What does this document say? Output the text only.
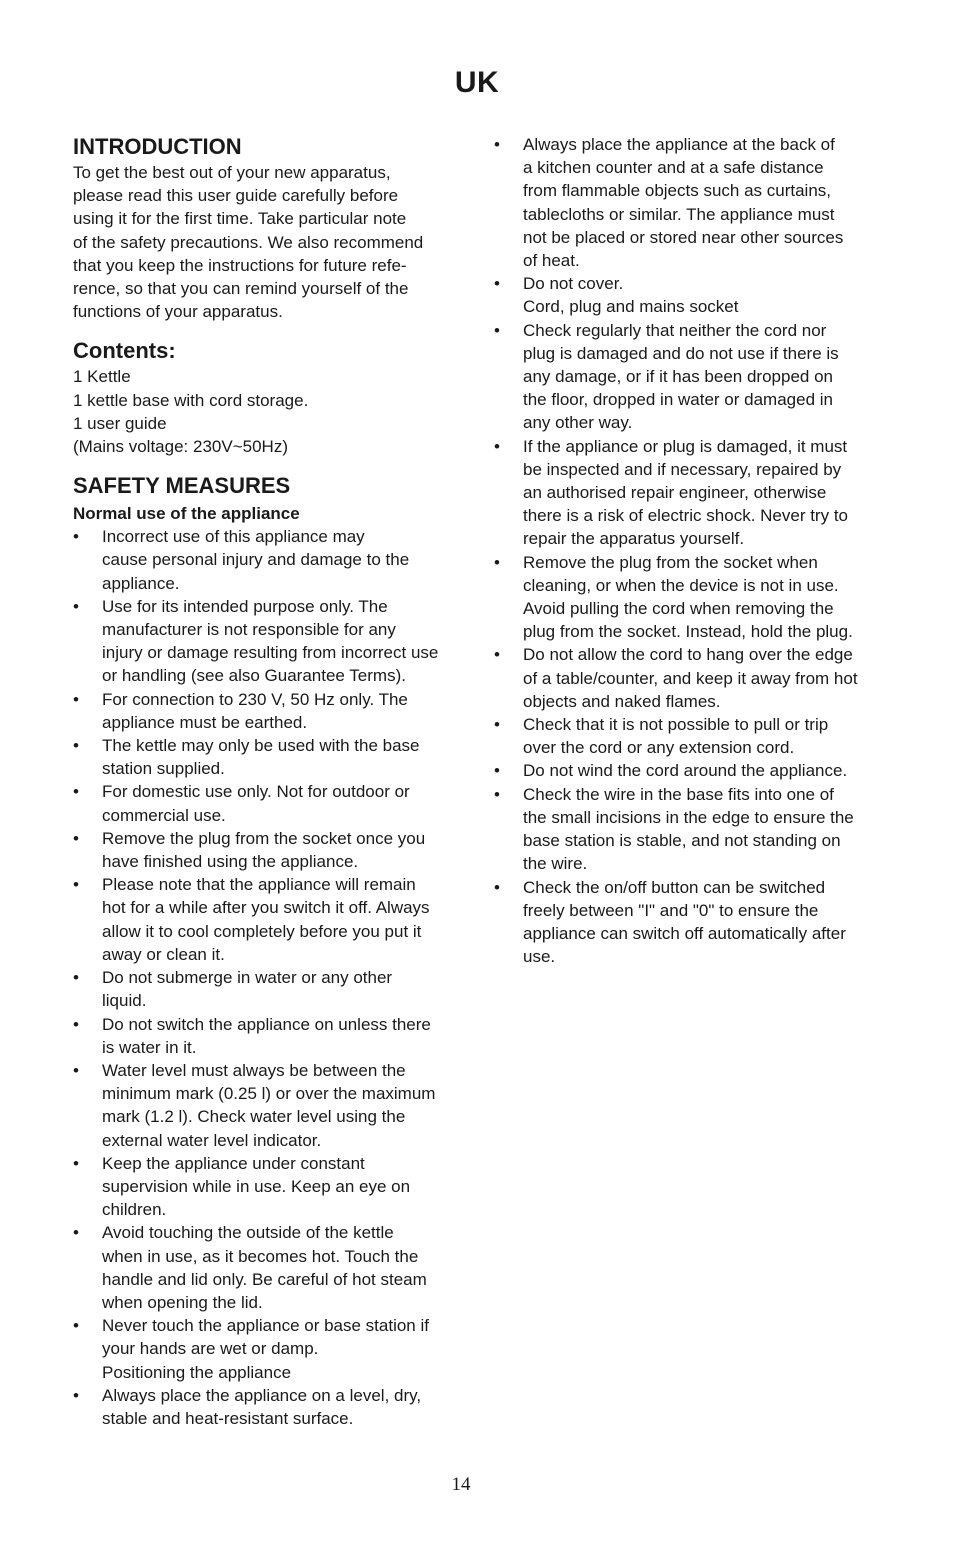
UK
INTRODUCTION

To get the best out of your new apparatus,

please read this user guide carefully before

using it for the first time. Take particular note

of the safety precautions. We also recommend

that you keep the instructions for future refe-

rence, so that you can remind yourself of the

functions of your apparatus.

Contents:

1 Kettle

1 kettle base with cord storage.

1 user guide

(Mains voltage: 230V~50Hz)

SAFETY MEASURES

Normal use of the appliance

•	Incorrect use of this appliance may
cause personal injury and damage to the
appliance.
•	Use for its intended purpose only. The
manufacturer is not responsible for any
injury or damage resulting from incorrect use
or handling (see also Guarantee Terms).
•	For connection to 230 V, 50 Hz only. The
appliance must be earthed.
•	The kettle may only be used with the base
station supplied.
•	For domestic use only. Not for outdoor or
commercial use.
•	Remove the plug from the socket once you
have finished using the appliance.
•	Please note that the appliance will remain
hot for a while after you switch it off. Always
allow it to cool completely before you put it
away or clean it.
•	Do not submerge in water or any other
liquid.
•	Do not switch the appliance on unless there
is water in it.
•	Water level must always be between the
minimum mark (0.25 l) or over the maximum
mark (1.2 l). Check water level using the
external water level indicator.
•	Keep the appliance under constant
supervision while in use. Keep an eye on
children.
•	Avoid touching the outside of the kettle
when in use, as it becomes hot. Touch the
handle and lid only. Be careful of hot steam
when opening the lid.
•	Never touch the appliance or base station if
your hands are wet or damp.

Positioning the appliance

•	Always place the appliance on a level, dry,
stable and heat-resistant surface.
•	Always place the appliance at the back of
a kitchen counter and at a safe distance
from flammable objects such as curtains,
tablecloths or similar. The appliance must
not be placed or stored near other sources
of heat.
•	Do not cover.

Cord, plug and mains socket

•	Check regularly that neither the cord nor
plug is damaged and do not use if there is
any damage, or if it has been dropped on
the floor, dropped in water or damaged in
any other way.
•	If the appliance or plug is damaged, it must
be inspected and if necessary, repaired by
an authorised repair engineer, otherwise
there is a risk of electric shock. Never try to
repair the apparatus yourself.
•	Remove the plug from the socket when
cleaning, or when the device is not in use.
Avoid pulling the cord when removing the
plug from the socket. Instead, hold the plug.
•	Do not allow the cord to hang over the edge
of a table/counter, and keep it away from hot
objects and naked flames.
•	Check that it is not possible to pull or trip
over the cord or any extension cord.
•	Do not wind the cord around the appliance.
•	Check the wire in the base fits into one of
the small incisions in the edge to ensure the
base station is stable, and not standing on
the wire.
•	Check the on/off button can be switched
freely between "I" and "0" to ensure the
appliance can switch off automatically after
use.
14
